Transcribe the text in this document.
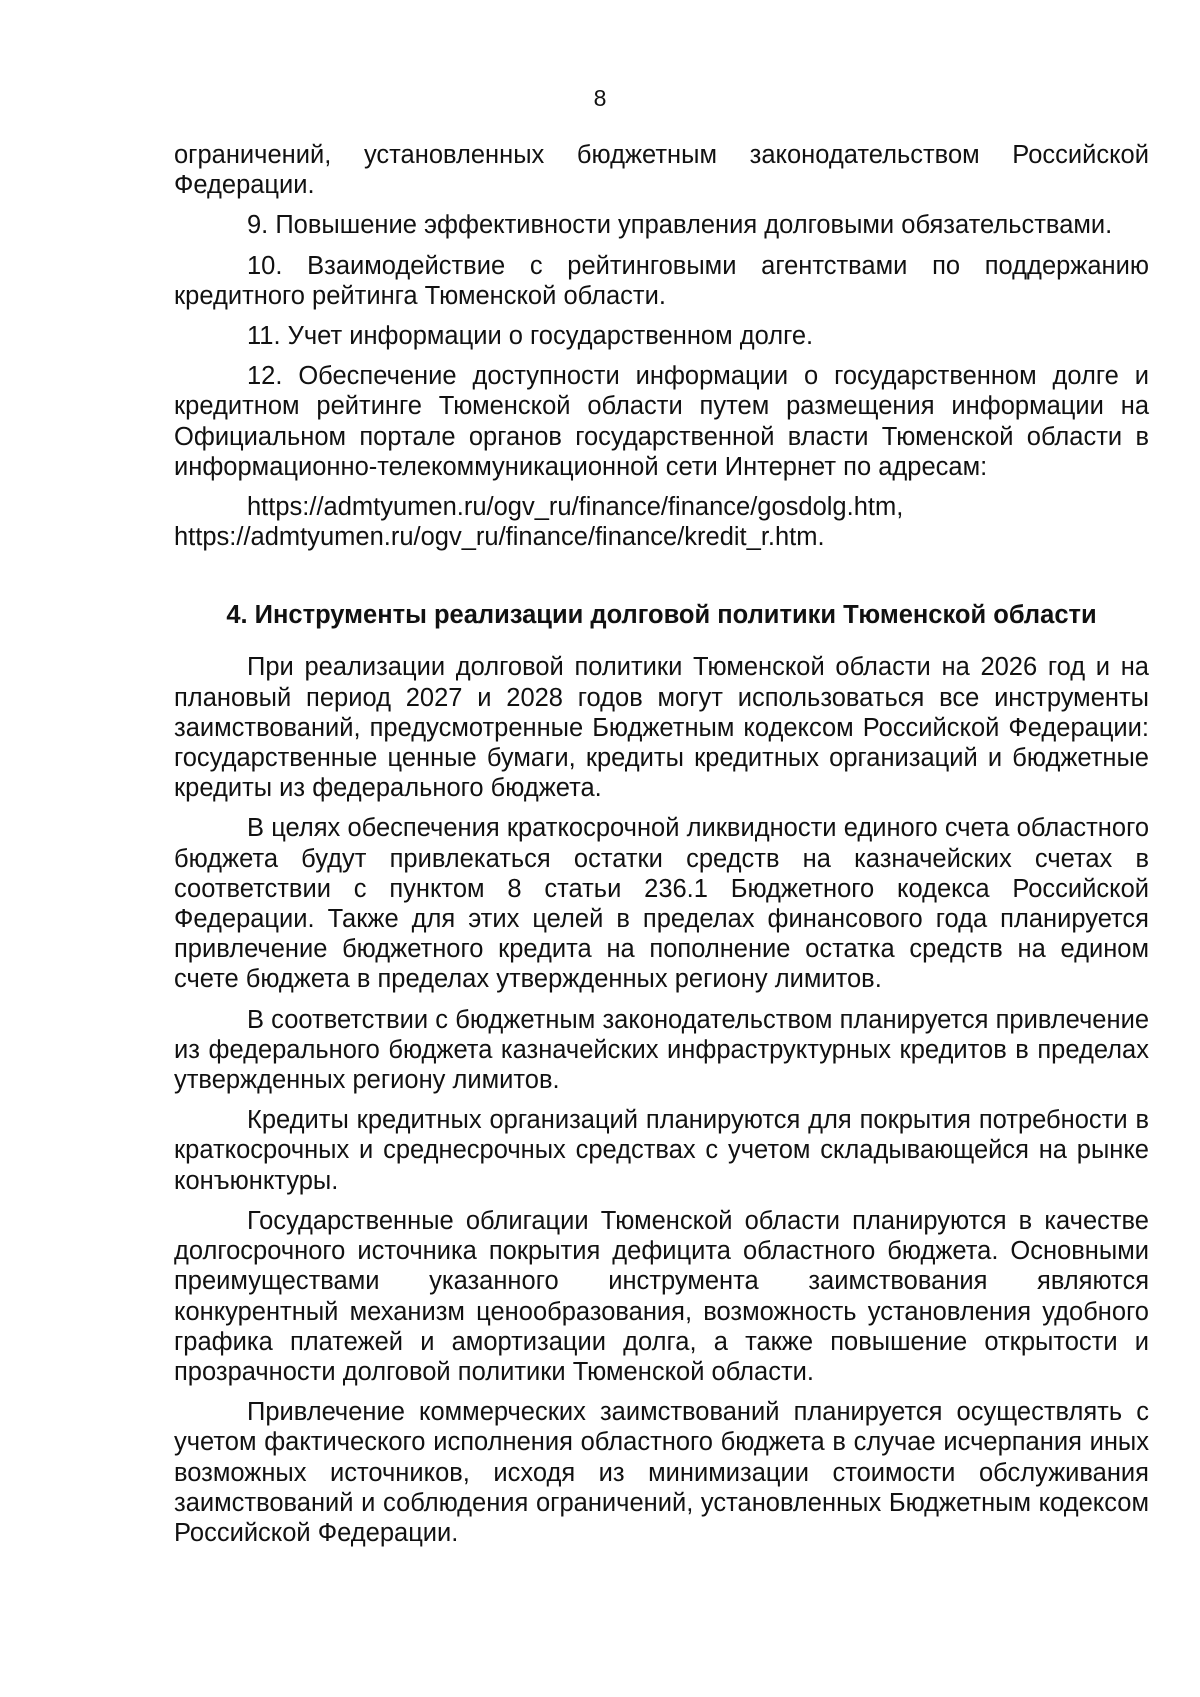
8

ограничений, установленных бюджетным законодательством Российской Федерации.

9. Повышение эффективности управления долговыми обязательствами.

10. Взаимодействие с рейтинговыми агентствами по поддержанию кредитного рейтинга Тюменской области.

11. Учет информации о государственном долге.

12. Обеспечение доступности информации о государственном долге и кредитном рейтинге Тюменской области путем размещения информации на Официальном портале органов государственной власти Тюменской области в информационно-телекоммуникационной сети Интернет по адресам:

https://admtyumen.ru/ogv_ru/finance/finance/gosdolg.htm,

https://admtyumen.ru/ogv_ru/finance/finance/kredit_r.htm.

4. Инструменты реализации долговой политики Тюменской области

При реализации долговой политики Тюменской области на 2026 год и на плановый период 2027 и 2028 годов могут использоваться все инструменты заимствований, предусмотренные Бюджетным кодексом Российской Федерации: государственные ценные бумаги, кредиты кредитных организаций и бюджетные кредиты из федерального бюджета.

В целях обеспечения краткосрочной ликвидности единого счета областного бюджета будут привлекаться остатки средств на казначейских счетах в соответствии с пунктом 8 статьи 236.1 Бюджетного кодекса Российской Федерации. Также для этих целей в пределах финансового года планируется привлечение бюджетного кредита на пополнение остатка средств на едином счете бюджета в пределах утвержденных региону лимитов.

В соответствии с бюджетным законодательством планируется привлечение из федерального бюджета казначейских инфраструктурных кредитов в пределах утвержденных региону лимитов.

Кредиты кредитных организаций планируются для покрытия потребности в краткосрочных и среднесрочных средствах с учетом складывающейся на рынке конъюнктуры.

Государственные облигации Тюменской области планируются в качестве долгосрочного источника покрытия дефицита областного бюджета. Основными преимуществами указанного инструмента заимствования являются конкурентный механизм ценообразования, возможность установления удобного графика платежей и амортизации долга, а также повышение открытости и прозрачности долговой политики Тюменской области.

Привлечение коммерческих заимствований планируется осуществлять с учетом фактического исполнения областного бюджета в случае исчерпания иных возможных источников, исходя из минимизации стоимости обслуживания заимствований и соблюдения ограничений, установленных Бюджетным кодексом Российской Федерации.
